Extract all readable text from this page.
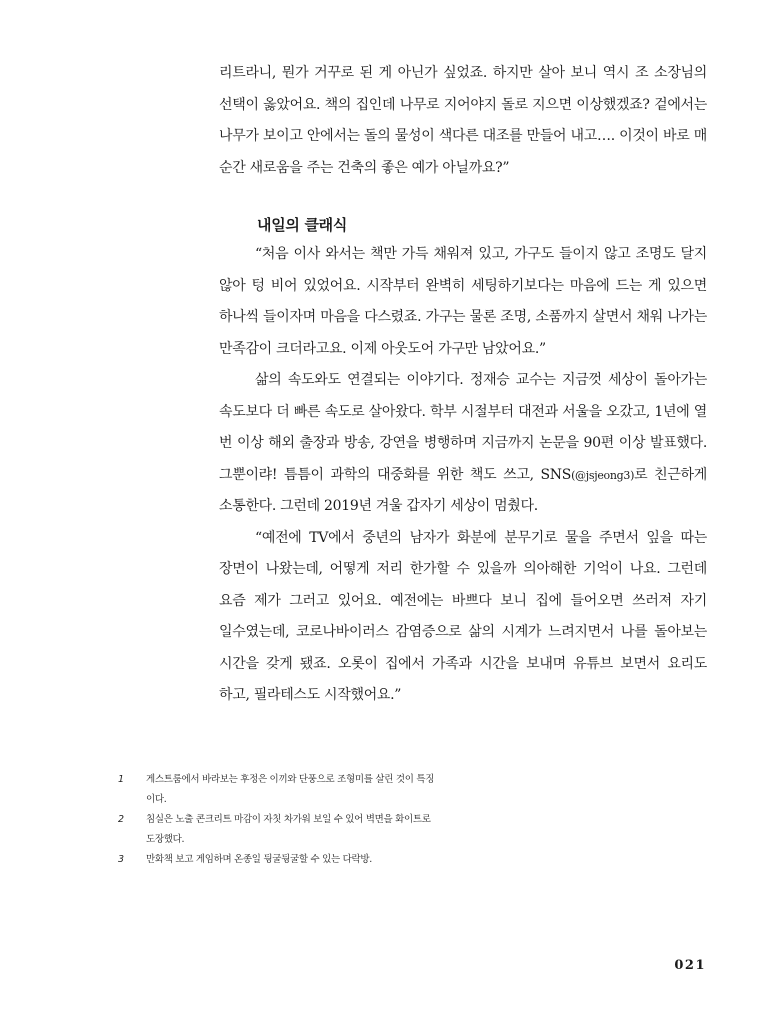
리트라니, 뭔가 거꾸로 된 게 아닌가 싶었죠. 하지만 살아 보니 역시 조 소장님의 선택이 옳았어요. 책의 집인데 나무로 지어야지 돌로 지으면 이상했겠죠? 겉에서는 나무가 보이고 안에서는 돌의 물성이 색다른 대조를 만들어 내고…. 이것이 바로 매 순간 새로움을 주는 건축의 좋은 예가 아닐까요?”

내일의 클래식

“처음 이사 와서는 책만 가득 채워져 있고, 가구도 들이지 않고 조명도 달지 않아 텅 비어 있었어요. 시작부터 완벽히 세팅하기보다는 마음에 드는 게 있으면 하나씩 들이자며 마음을 다스렸죠. 가구는 물론 조명, 소품까지 살면서 채워 나가는 만족감이 크더라고요. 이제 아웃도어 가구만 남았어요.”

삶의 속도와도 연결되는 이야기다. 정재승 교수는 지금껏 세상이 돌아가는 속도보다 더 빠른 속도로 살아왔다. 학부 시절부터 대전과 서울을 오갔고, 1년에 열 번 이상 해외 출장과 방송, 강연을 병행하며 지금까지 논문을 90편 이상 발표했다. 그뿐이랴! 틈틈이 과학의 대중화를 위한 책도 쓰고, SNS(@jsjeong3)로 친근하게 소통한다. 그런데 2019년 겨울 갑자기 세상이 멈췄다.

“예전에 TV에서 중년의 남자가 화분에 분무기로 물을 주면서 잎을 따는 장면이 나왔는데, 어떻게 저리 한가할 수 있을까 의아해한 기억이 나요. 그런데 요즘 제가 그러고 있어요. 예전에는 바쁘다 보니 집에 들어오면 쓰러져 자기 일수였는데, 코로나바이러스 감염증으로 삶의 시계가 느려지면서 나를 돌아보는 시간을 갖게 됐죠. 오롯이 집에서 가족과 시간을 보내며 유튜브 보면서 요리도 하고, 필라테스도 시작했어요.”

1	게스트룸에서 바라보는 후정은 이끼와 단풍으로 조형미를 살린 것이 특징이다.
2	침실은 노출 콘크리트 마감이 자칫 차가워 보일 수 있어 벽면을 화이트로 도장했다.
3	만화책 보고 게임하며 온종일 뒹굴뒹굴할 수 있는 다락방.
021
